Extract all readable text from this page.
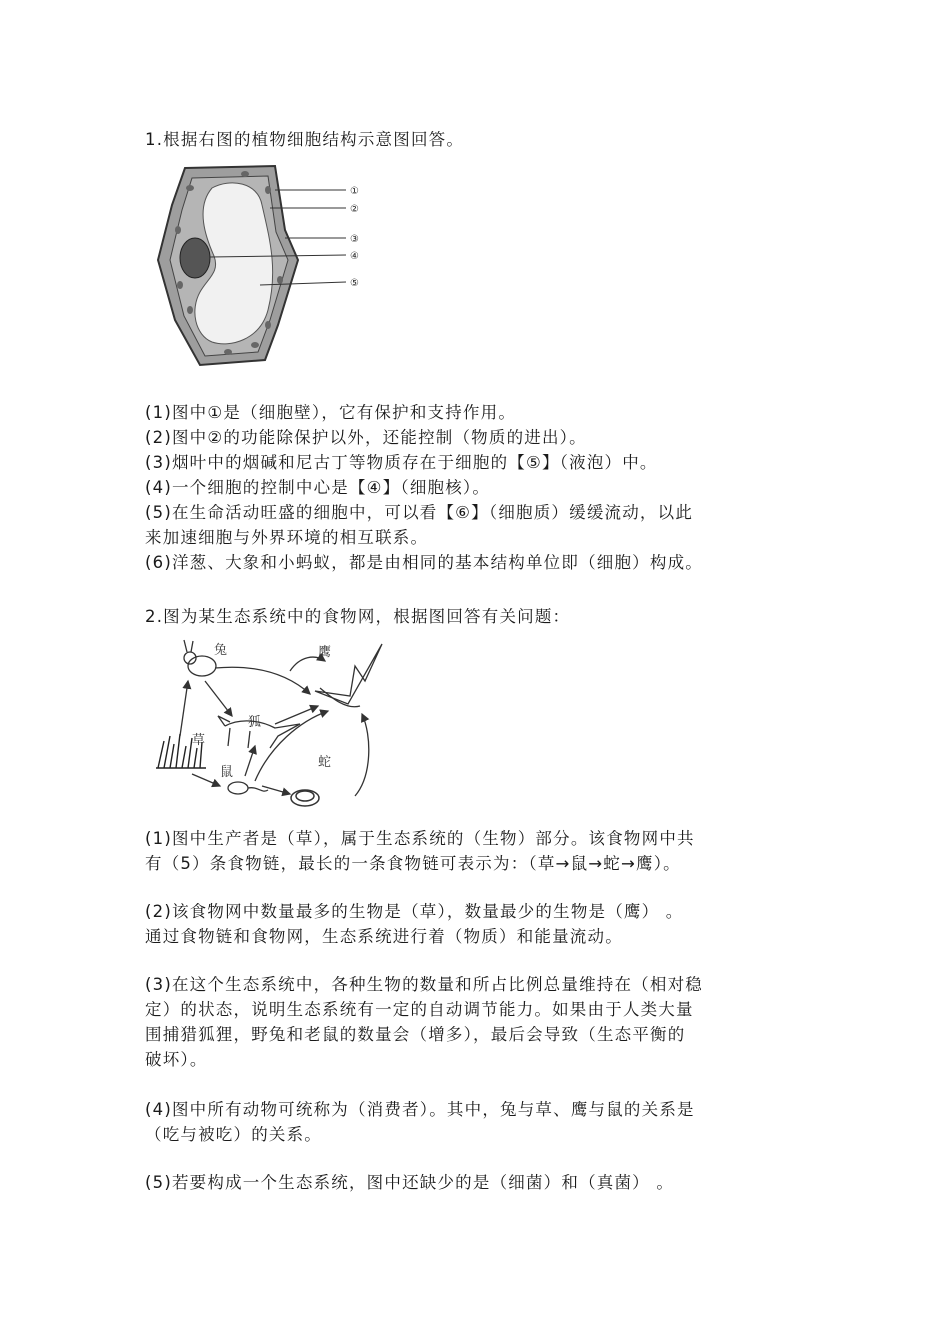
1.根据右图的植物细胞结构示意图回答。

①
②
③
④
⑤

(1)图中①是（细胞壁），它有保护和支持作用。

(2)图中②的功能除保护以外，还能控制（物质的进出）。

(3)烟叶中的烟碱和尼古丁等物质存在于细胞的【⑤】（液泡）中。

(4)一个细胞的控制中心是【④】（细胞核）。

(5)在生命活动旺盛的细胞中，可以看【⑥】（细胞质）缓缓流动，以此

来加速细胞与外界环境的相互联系。

(6)洋葱、大象和小蚂蚁，都是由相同的基本结构单位即（细胞）构成。

2.图为某生态系统中的食物网，根据图回答有关问题：

兔	鹰
狐
草
鼠
蛇

(1)图中生产者是（草），属于生态系统的（生物）部分。该食物网中共

有（5）条食物链，最长的一条食物链可表示为：（草→鼠→蛇→鹰）。

(2)该食物网中数量最多的生物是（草），数量最少的生物是（鹰） 。

通过食物链和食物网，生态系统进行着（物质）和能量流动。

(3)在这个生态系统中，各种生物的数量和所占比例总量维持在（相对稳

定）的状态，说明生态系统有一定的自动调节能力。如果由于人类大量

围捕猎狐狸，野兔和老鼠的数量会（增多），最后会导致（生态平衡的

破坏）。

(4)图中所有动物可统称为（消费者）。其中，兔与草、鹰与鼠的关系是

（吃与被吃）的关系。

(5)若要构成一个生态系统，图中还缺少的是（细菌）和（真菌） 。
